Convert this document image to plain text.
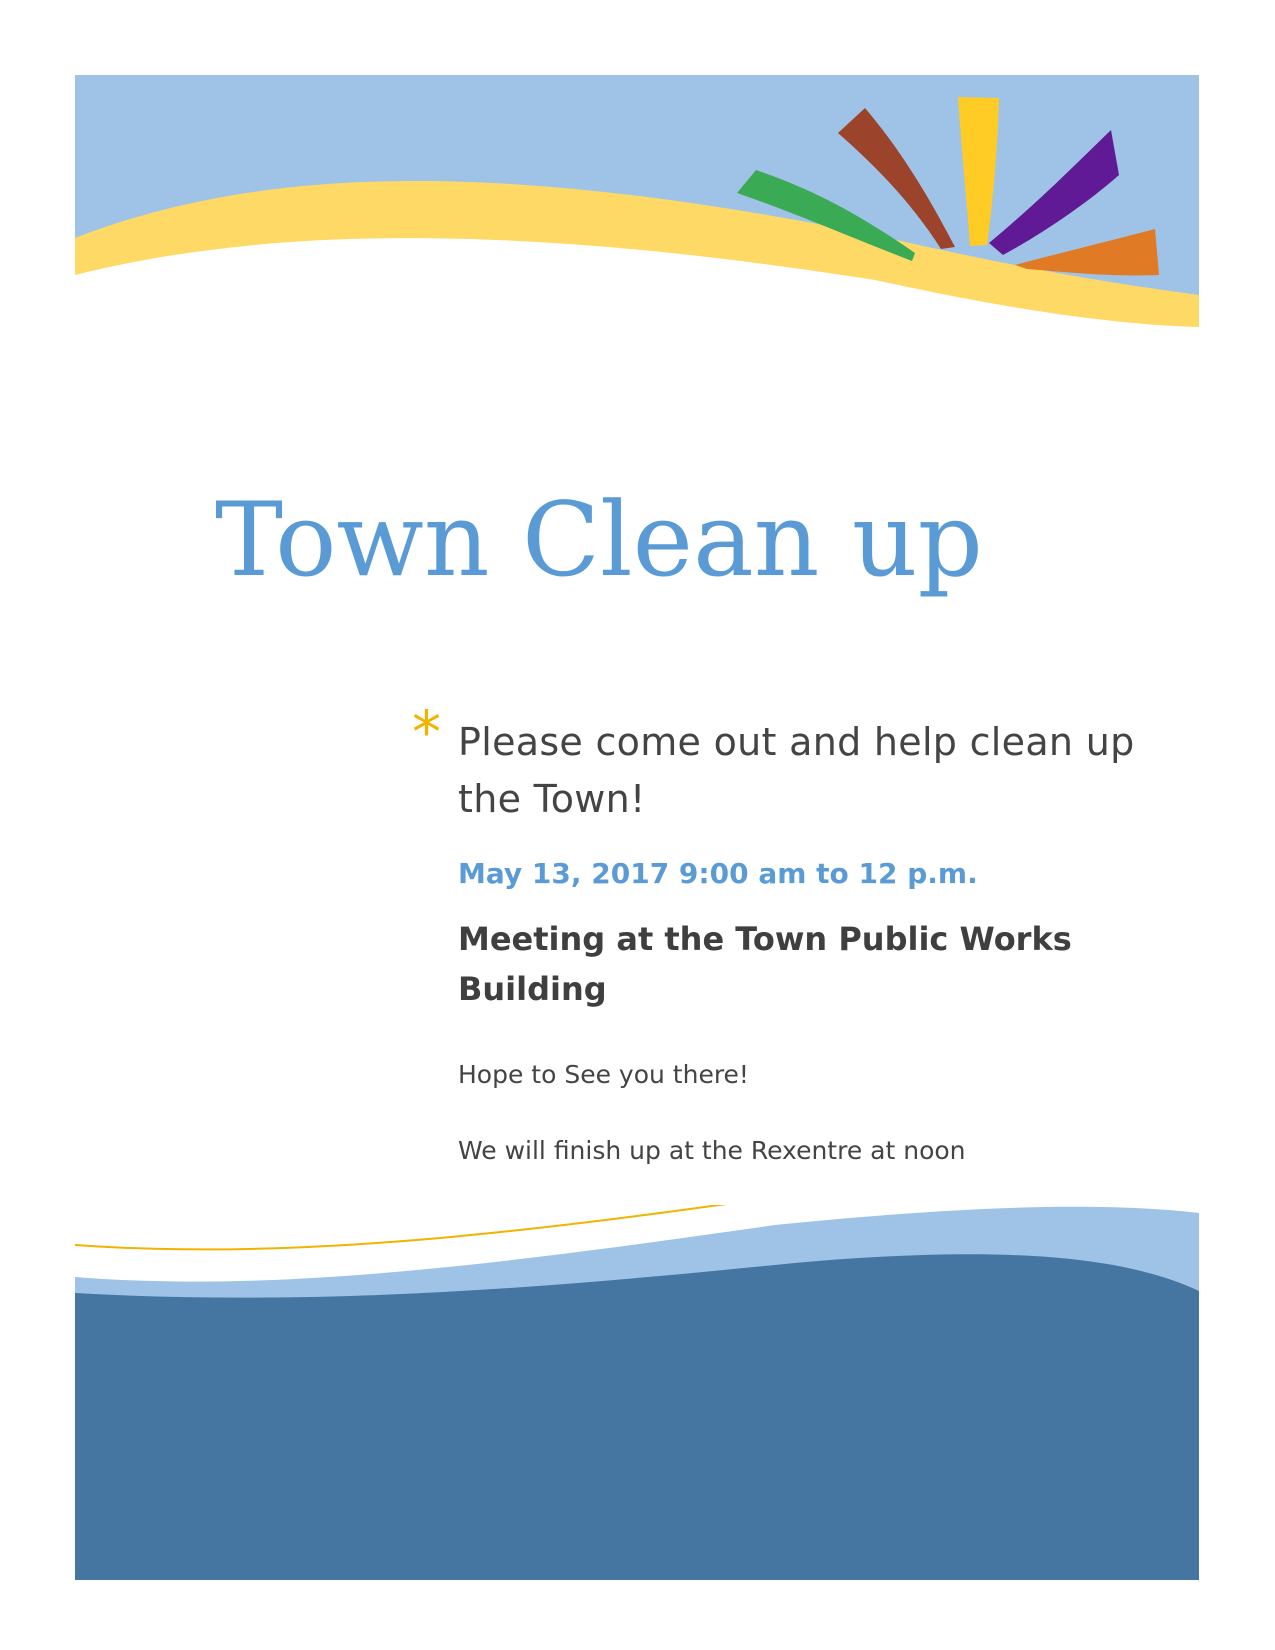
Town Clean up
* Please come out and help clean up the Town!

May 13, 2017 9:00 am to 12 p.m.

Meeting at the Town Public Works Building

Hope to See you there!

We will finish up at the Rexentre at noon
